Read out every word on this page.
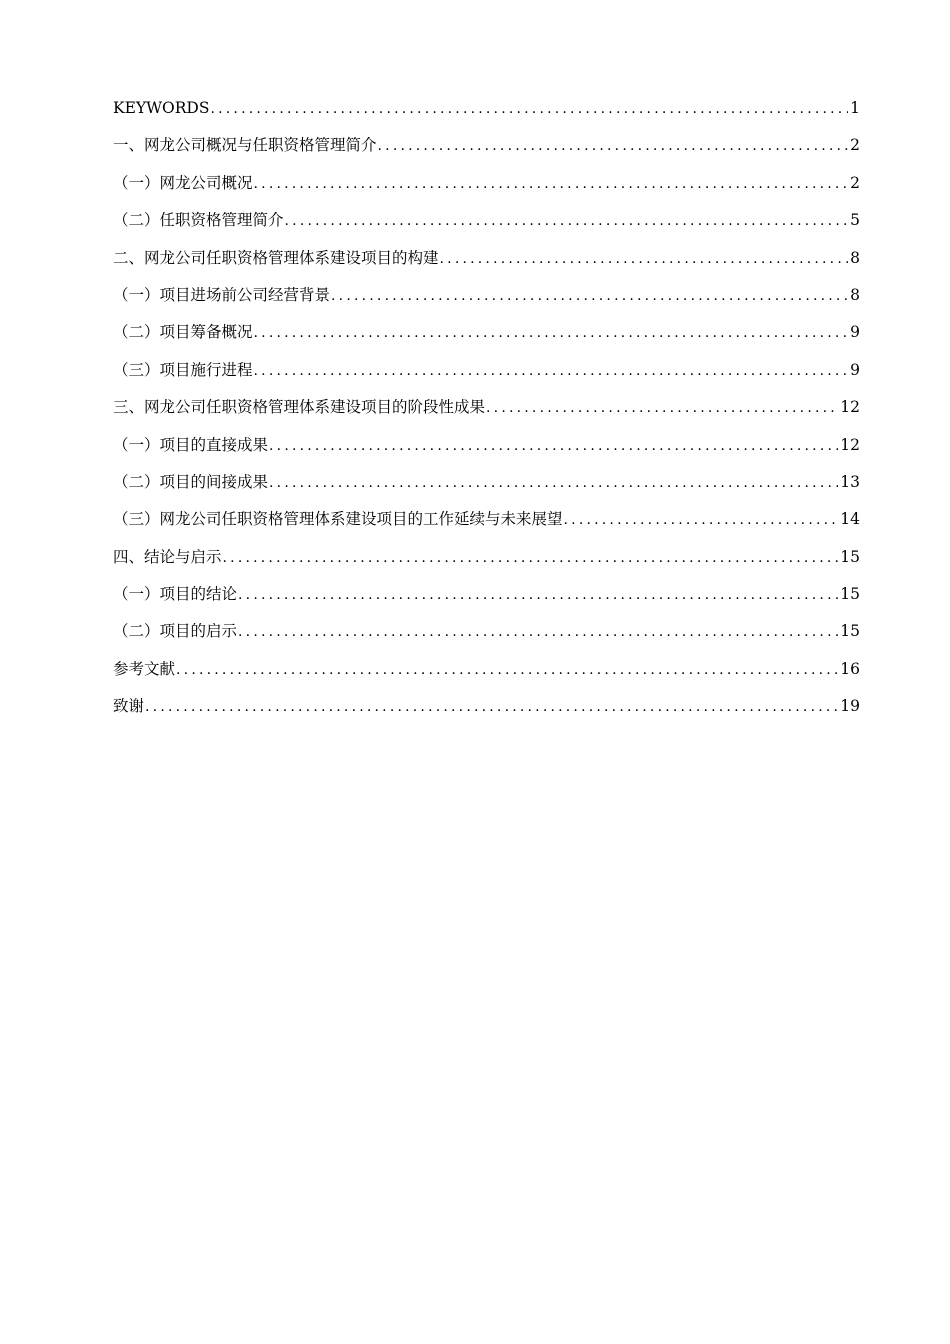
KEYWORDS .....	1
一、网龙公司概况与任职资格管理简介 .....	2
（一）网龙公司概况 .....	2
（二）任职资格管理简介 .....	5
二、网龙公司任职资格管理体系建设项目的构建 .....	8
（一）项目进场前公司经营背景 .....	8
（二）项目筹备概况 .....	9
（三）项目施行进程 .....	9
三、网龙公司任职资格管理体系建设项目的阶段性成果 .....	12
（一）项目的直接成果 .....	12
（二）项目的间接成果 .....	13
（三）网龙公司任职资格管理体系建设项目的工作延续与未来展望 .....	14
四、结论与启示 .....	15
（一）项目的结论 .....	15
（二）项目的启示 .....	15
参考文献 .....	16
致谢 .....	19
